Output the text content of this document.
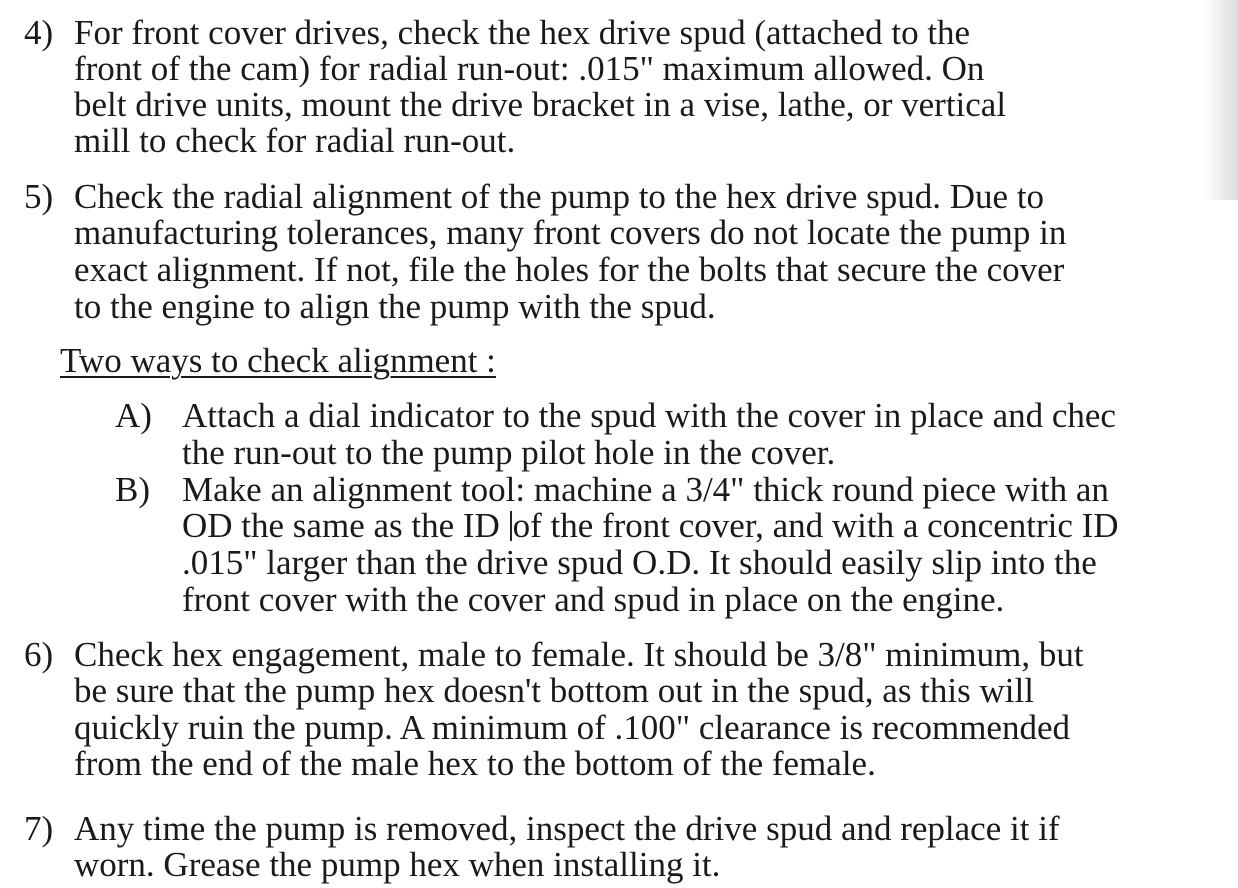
4) For front cover drives, check the hex drive spud (attached to the
front of the cam) for radial run-out: .015" maximum allowed. On
belt drive units, mount the drive bracket in a vise, lathe, or vertical
mill to check for radial run-out.
5) Check the radial alignment of the pump to the hex drive spud. Due to
manufacturing tolerances, many front covers do not locate the pump in
exact alignment. If not, file the holes for the bolts that secure the cover
to the engine to align the pump with the spud.
Two ways to check alignment :
A) Attach a dial indicator to the spud with the cover in place and chec
the run-out to the pump pilot hole in the cover.
B) Make an alignment tool: machine a 3/4" thick round piece with an
OD the same as the ID of the front cover, and with a concentric ID
.015" larger than the drive spud O.D. It should easily slip into the
front cover with the cover and spud in place on the engine.
6) Check hex engagement, male to female. It should be 3/8" minimum, but
be sure that the pump hex doesn't bottom out in the spud, as this will
quickly ruin the pump. A minimum of .100" clearance is recommended
from the end of the male hex to the bottom of the female.
7) Any time the pump is removed, inspect the drive spud and replace it if
worn. Grease the pump hex when installing it.
